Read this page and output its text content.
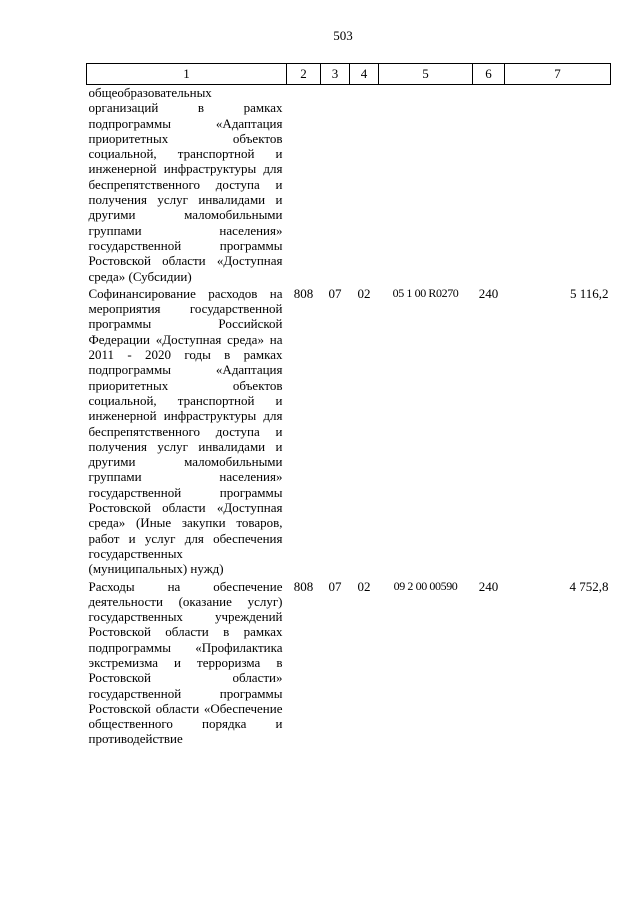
503
1	2	3	4	5	6	7
общеобразовательных организаций в рамках подпрограммы «Адаптация приоритетных объектов социальной, транспортной и инженерной инфраструктуры для беспрепятственного доступа и получения услуг инвалидами и другими маломобильными группами населения» государственной программы Ростовской области «Доступная среда» (Субсидии)						
Софинансирование расходов на мероприятия государственной программы Российской Федерации «Доступная среда» на 2011 - 2020 годы в рамках подпрограммы «Адаптация приоритетных объектов социальной, транспортной и инженерной инфраструктуры для беспрепятственного доступа и получения услуг инвалидами и другими маломобильными группами населения» государственной программы Ростовской области «Доступная среда» (Иные закупки товаров, работ и услуг для обеспечения государственных (муниципальных) нужд)	808	07	02	05 1 00 R0270	240	5 116,2
Расходы на обеспечение деятельности (оказание услуг) государственных учреждений Ростовской области в рамках подпрограммы «Профилактика экстремизма и терроризма в Ростовской области» государственной программы Ростовской области «Обеспечение общественного порядка и противодействие	808	07	02	09 2 00 00590	240	4 752,8
